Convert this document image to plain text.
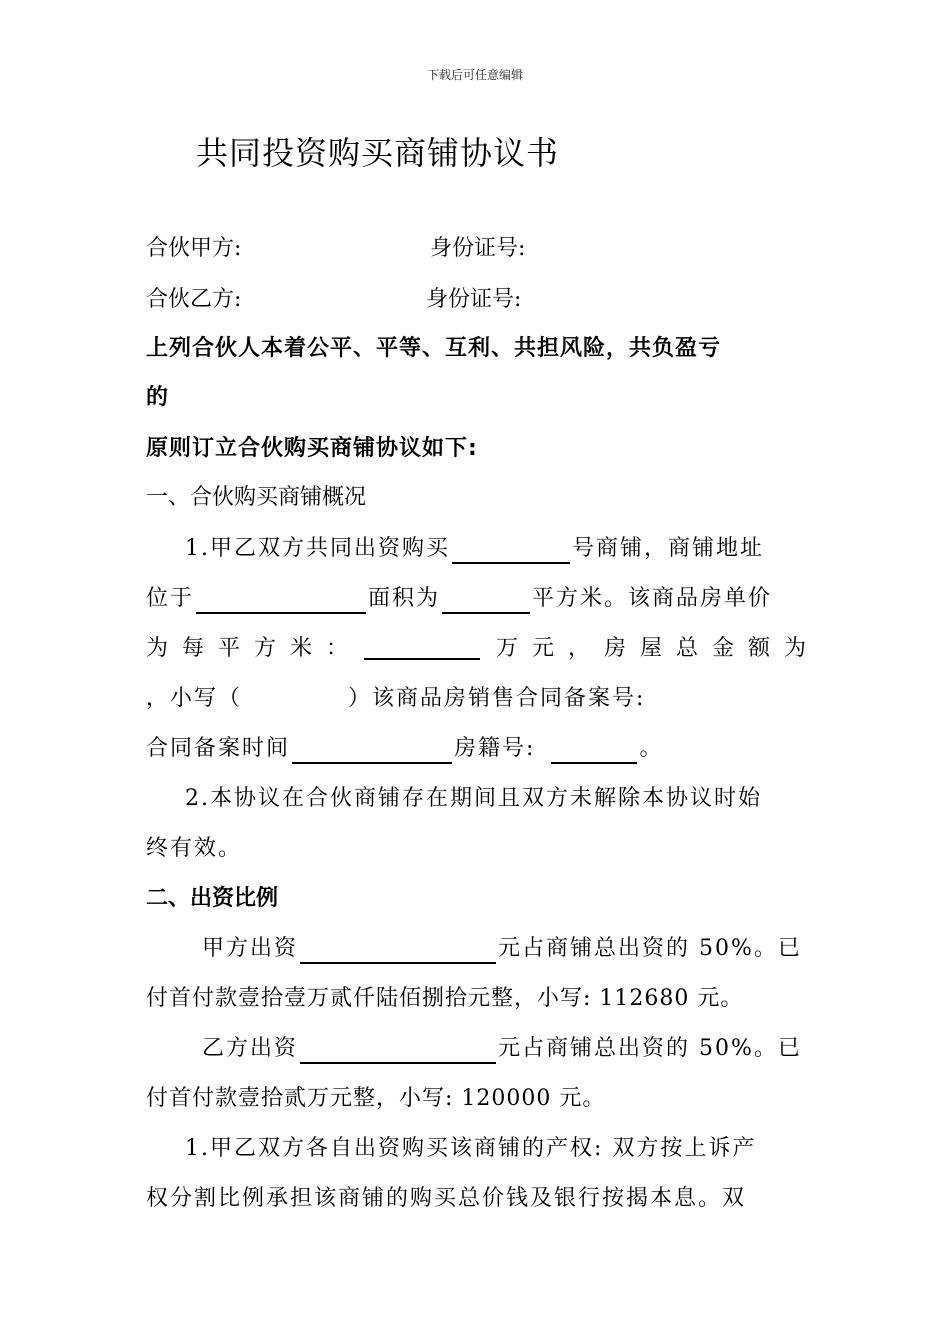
下载后可任意编辑
共同投资购买商铺协议书
合伙甲方:	身份证号:
合伙乙方:	身份证号:
上列合伙人本着公平、平等、互利、共担风险，共负盈亏
的
原则订立合伙购买商铺协议如下:
一、合伙购买商铺概况
1.甲乙双方共同出资购买	号商铺，商铺地址
位于	面积为	平方米。该商品房单价
为 每 平 方 米 ：	万 元 ， 房 屋 总 金 额 为
，小写（	）该商品房销售合同备案号:
合同备案时间	房籍号:	。
2.本协议在合伙商铺存在期间且双方未解除本协议时始
终有效。
二、出资比例
甲方出资	元占商铺总出资的 50%。已
付首付款壹拾壹万贰仟陆佰捌拾元整，小写: 112680 元。
乙方出资	元占商铺总出资的 50%。已
付首付款壹拾贰万元整，小写: 120000 元。
1.甲乙双方各自出资购买该商铺的产权: 双方按上诉产
权分割比例承担该商铺的购买总价钱及银行按揭本息。双
